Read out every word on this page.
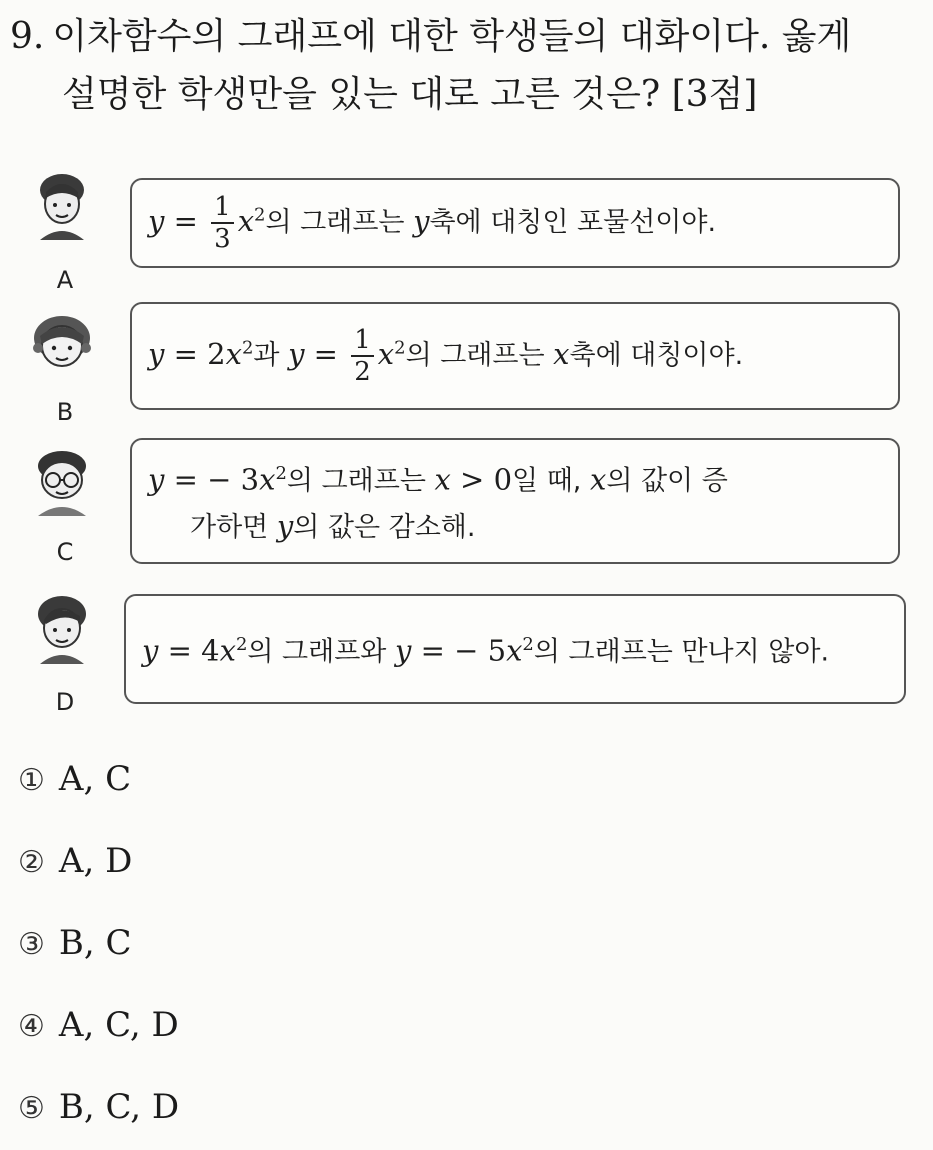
9. 이차함수의 그래프에 대한 학생들의 대화이다. 옳게
설명한 학생만을 있는 대로 고른 것은? [3점]
A
$y = \frac{1}{3} x^2$의 그래프는 y축에 대칭인 포물선이야.
B
$y = 2x^2$과 $y = \frac{1}{2} x^2$의 그래프는 x축에 대칭이야.
C
y = − $3x^2$의 그래프는 x > 0일 때, x의 값이 증
가하면 y의 값은 감소해.
D
$y = 4x^2$의 그래프와 y = − $5x^2$의 그래프는 만나지 않아.
① A, C
② A, D
③ B, C
④ A, C, D
⑤ B, C, D
